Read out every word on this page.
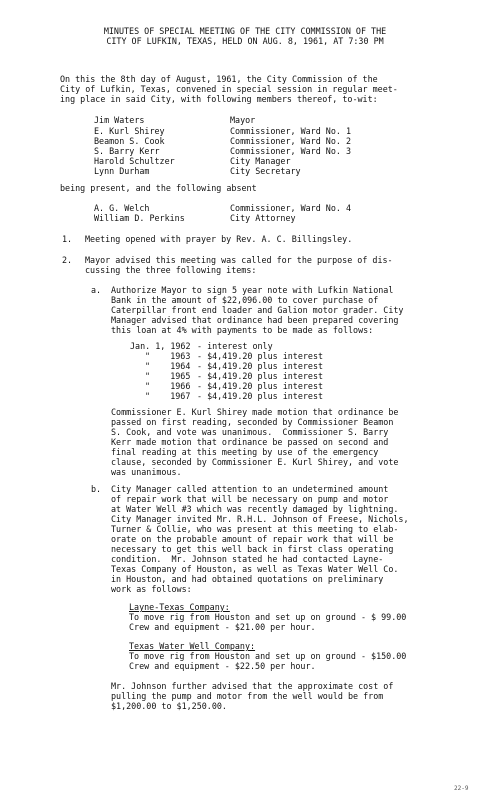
MINUTES OF SPECIAL MEETING OF THE CITY COMMISSION OF THE
CITY OF LUFKIN, TEXAS, HELD ON AUG. 8, 1961, AT 7:30 PM
On this the 8th day of August, 1961, the City Commission of the
City of Lufkin, Texas, convened in special session in regular meet-
ing place in said City, with following members thereof, to-wit:
Jim Waters	Mayor
E. Kurl Shirey	Commissioner, Ward No. 1
Beamon S. Cook	Commissioner, Ward No. 2
S. Barry Kerr	Commissioner, Ward No. 3
Harold Schultzer	City Manager
Lynn Durham	City Secretary
being present, and the following absent
A. G. Welch	Commissioner, Ward No. 4
William D. Perkins	City Attorney
1. Meeting opened with prayer by Rev. A. C. Billingsley.
2. Mayor advised this meeting was called for the purpose of dis-
cussing the three following items:
a. Authorize Mayor to sign 5 year note with Lufkin National
Bank in the amount of $22,096.00 to cover purchase of
Caterpillar front end loader and Galion motor grader. City
Manager advised that ordinance had been prepared covering
this loan at 4% with payments to be made as follows:
Jan. 1, 1962 - interest only
"    1963 - $4,419.20 plus interest
"    1964 - $4,419.20 plus interest
"    1965 - $4,419.20 plus interest
"    1966 - $4,419.20 plus interest
"    1967 - $4,419.20 plus interest
Commissioner E. Kurl Shirey made motion that ordinance be
passed on first reading, seconded by Commissioner Beamon
S. Cook, and vote was unanimous.  Commissioner S. Barry
Kerr made motion that ordinance be passed on second and
final reading at this meeting by use of the emergency
clause, seconded by Commissioner E. Kurl Shirey, and vote
was unanimous.
b. City Manager called attention to an undetermined amount
of repair work that will be necessary on pump and motor
at Water Well #3 which was recently damaged by lightning.
City Manager invited Mr. R.H.L. Johnson of Freese, Nichols,
Turner & Collie, who was present at this meeting to elab-
orate on the probable amount of repair work that will be
necessary to get this well back in first class operating
condition.  Mr. Johnson stated he had contacted Layne-
Texas Company of Houston, as well as Texas Water Well Co.
in Houston, and had obtained quotations on preliminary
work as follows:
Layne-Texas Company:
To move rig from Houston and set up on ground - $ 99.00
Crew and equipment - $21.00 per hour.
Texas Water Well Company:
To move rig from Houston and set up on ground - $150.00
Crew and equipment - $22.50 per hour.
Mr. Johnson further advised that the approximate cost of
pulling the pump and motor from the well would be from
$1,200.00 to $1,250.00.
22-9
